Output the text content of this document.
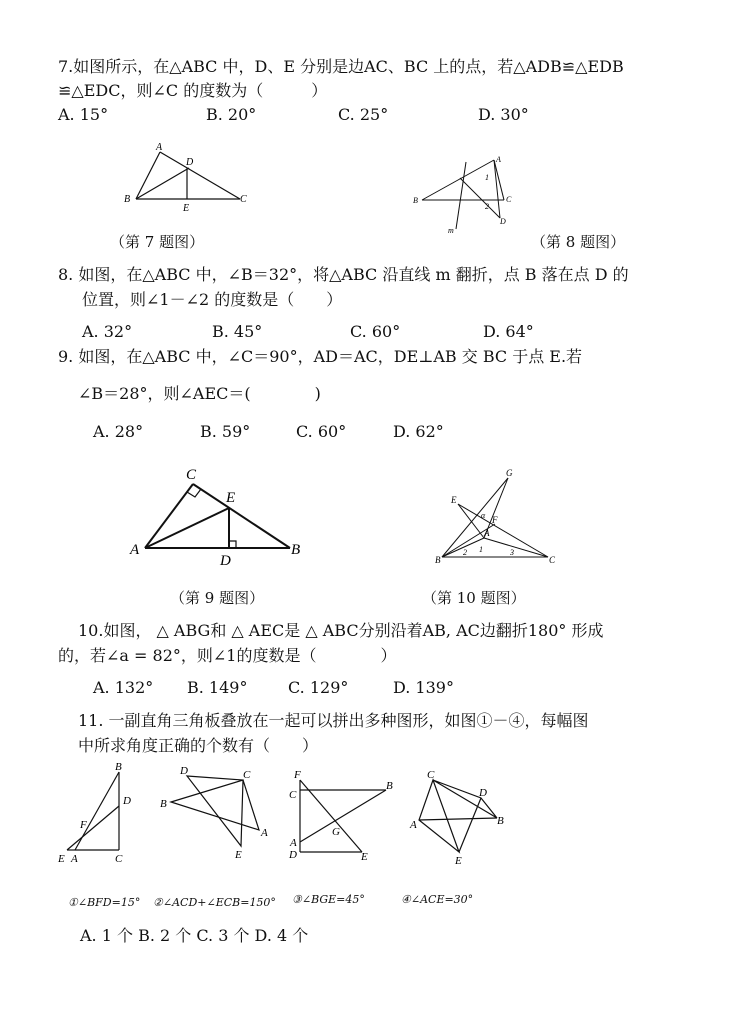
7.如图所示，在△ABC 中，D、E 分别是边AC、BC 上的点，若△ADB≌△EDB
≌△EDC，则∠C 的度数为（　　　）
A. 15°	B. 20°	C. 25°	D. 30°
A
D
B
E
C
（第 7 题图）
A
1
B	C
2
D
m
（第 8 题图）
8. 如图，在△ABC 中，∠B＝32°，将△ABC 沿直线 m 翻折，点 B 落在点 D 的
位置，则∠1－∠2 的度数是（　　）
A. 32°	B. 45°	C. 60°	D. 64°
9. 如图，在△ABC 中，∠C＝90°，AD＝AC，DE⊥AB 交 BC 于点 E.若
∠B＝28°，则∠AEC＝(　　　　)
A. 28°	B. 59°	C. 60°	D. 62°
C
E
A
D
B
（第 9 题图）
G
E
α F
A
B
2 1	3
C
（第 10 题图）
10.如图， △ ABG和 △ AEC是 △ ABC分别沿着AB, AC边翻折180° 形成
的，若∠a = 82°，则∠1的度数是（　　　　）
A. 132° B. 149°	C. 129°	D. 139°
11. 一副直角三角板叠放在一起可以拼出多种图形，如图①－④，每幅图
中所求角度正确的个数有（　　）
B
D
F
E A	C
D	C
B
A
E
F
B
C
G
A
D	E
C
D
B
A
E
①∠BFD=15° ②∠ACD+∠ECB=150° ③∠BGE=45°	④∠ACE=30°
A. 1 个 B. 2 个 C. 3 个 D. 4 个
